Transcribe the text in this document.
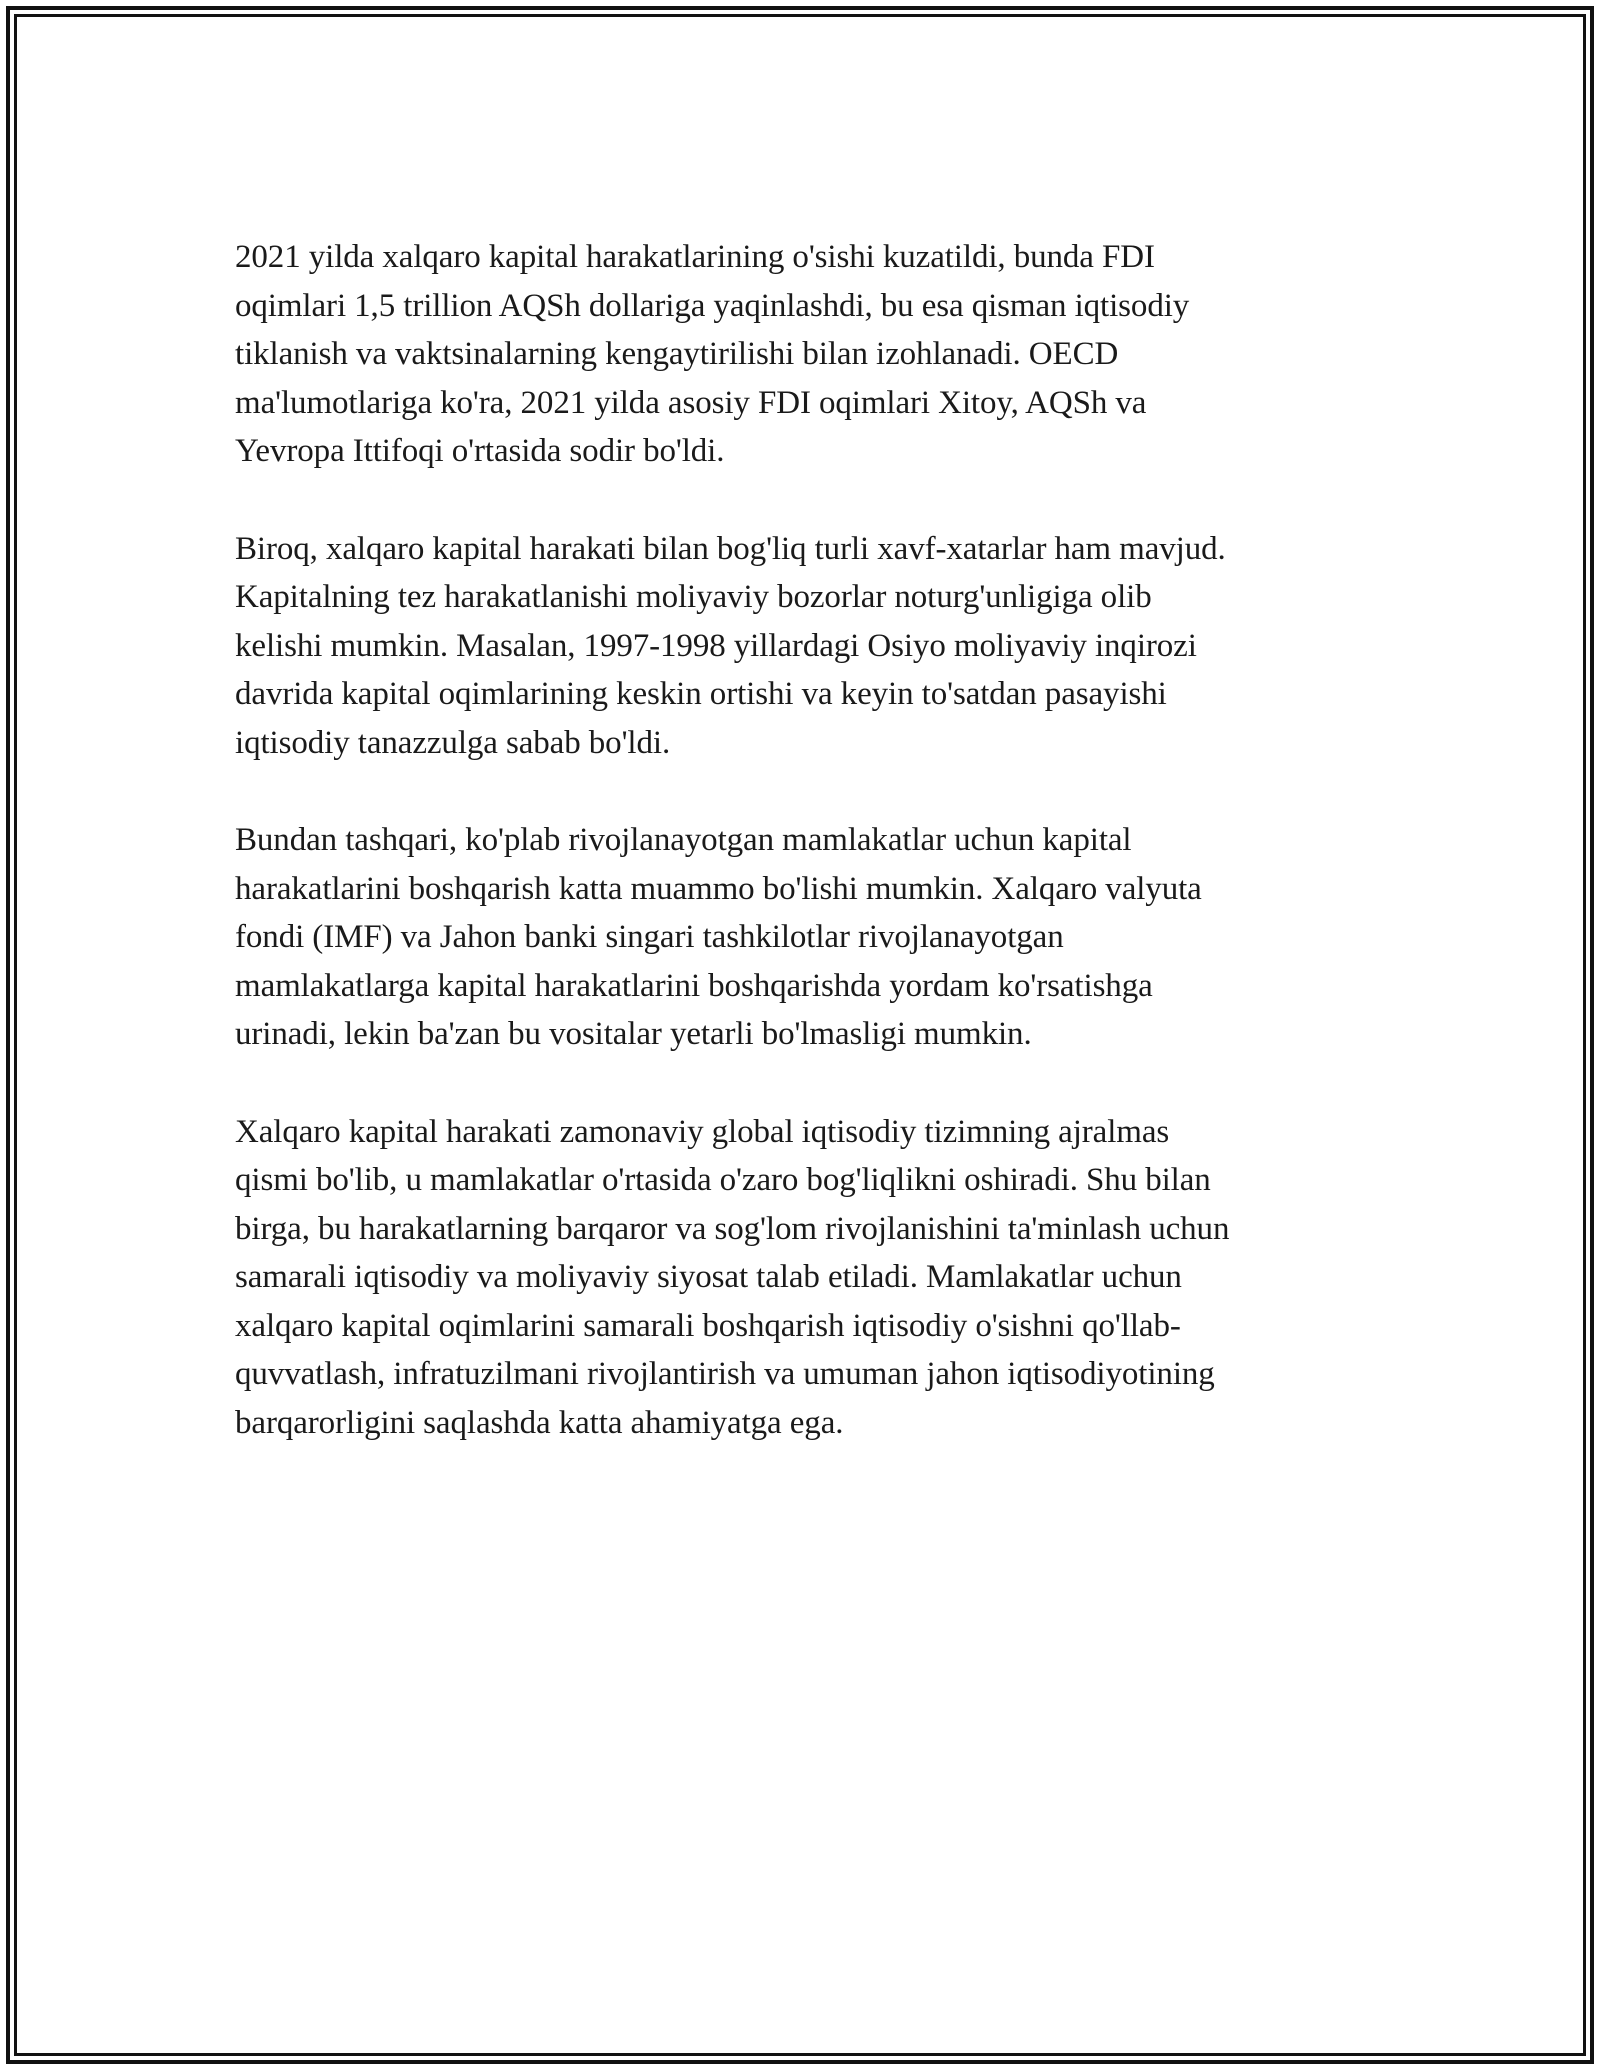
2021 yilda xalqaro kapital harakatlarining o'sishi kuzatildi, bunda FDI
oqimlari 1,5 trillion AQSh dollariga yaqinlashdi, bu esa qisman iqtisodiy
tiklanish va vaktsinalarning kengaytirilishi bilan izohlanadi. OECD
ma'lumotlariga ko'ra, 2021 yilda asosiy FDI oqimlari Xitoy, AQSh va
Yevropa Ittifoqi o'rtasida sodir bo'ldi.

Biroq, xalqaro kapital harakati bilan bog'liq turli xavf-xatarlar ham mavjud.
Kapitalning tez harakatlanishi moliyaviy bozorlar noturg'unligiga olib
kelishi mumkin. Masalan, 1997-1998 yillardagi Osiyo moliyaviy inqirozi
davrida kapital oqimlarining keskin ortishi va keyin to'satdan pasayishi
iqtisodiy tanazzulga sabab bo'ldi.

Bundan tashqari, ko'plab rivojlanayotgan mamlakatlar uchun kapital
harakatlarini boshqarish katta muammo bo'lishi mumkin. Xalqaro valyuta
fondi (IMF) va Jahon banki singari tashkilotlar rivojlanayotgan
mamlakatlarga kapital harakatlarini boshqarishda yordam ko'rsatishga
urinadi, lekin ba'zan bu vositalar yetarli bo'lmasligi mumkin.

Xalqaro kapital harakati zamonaviy global iqtisodiy tizimning ajralmas
qismi bo'lib, u mamlakatlar o'rtasida o'zaro bog'liqlikni oshiradi. Shu bilan
birga, bu harakatlarning barqaror va sog'lom rivojlanishini ta'minlash uchun
samarali iqtisodiy va moliyaviy siyosat talab etiladi. Mamlakatlar uchun
xalqaro kapital oqimlarini samarali boshqarish iqtisodiy o'sishni qo'llab-
quvvatlash, infratuzilmani rivojlantirish va umuman jahon iqtisodiyotining
barqarorligini saqlashda katta ahamiyatga ega.
